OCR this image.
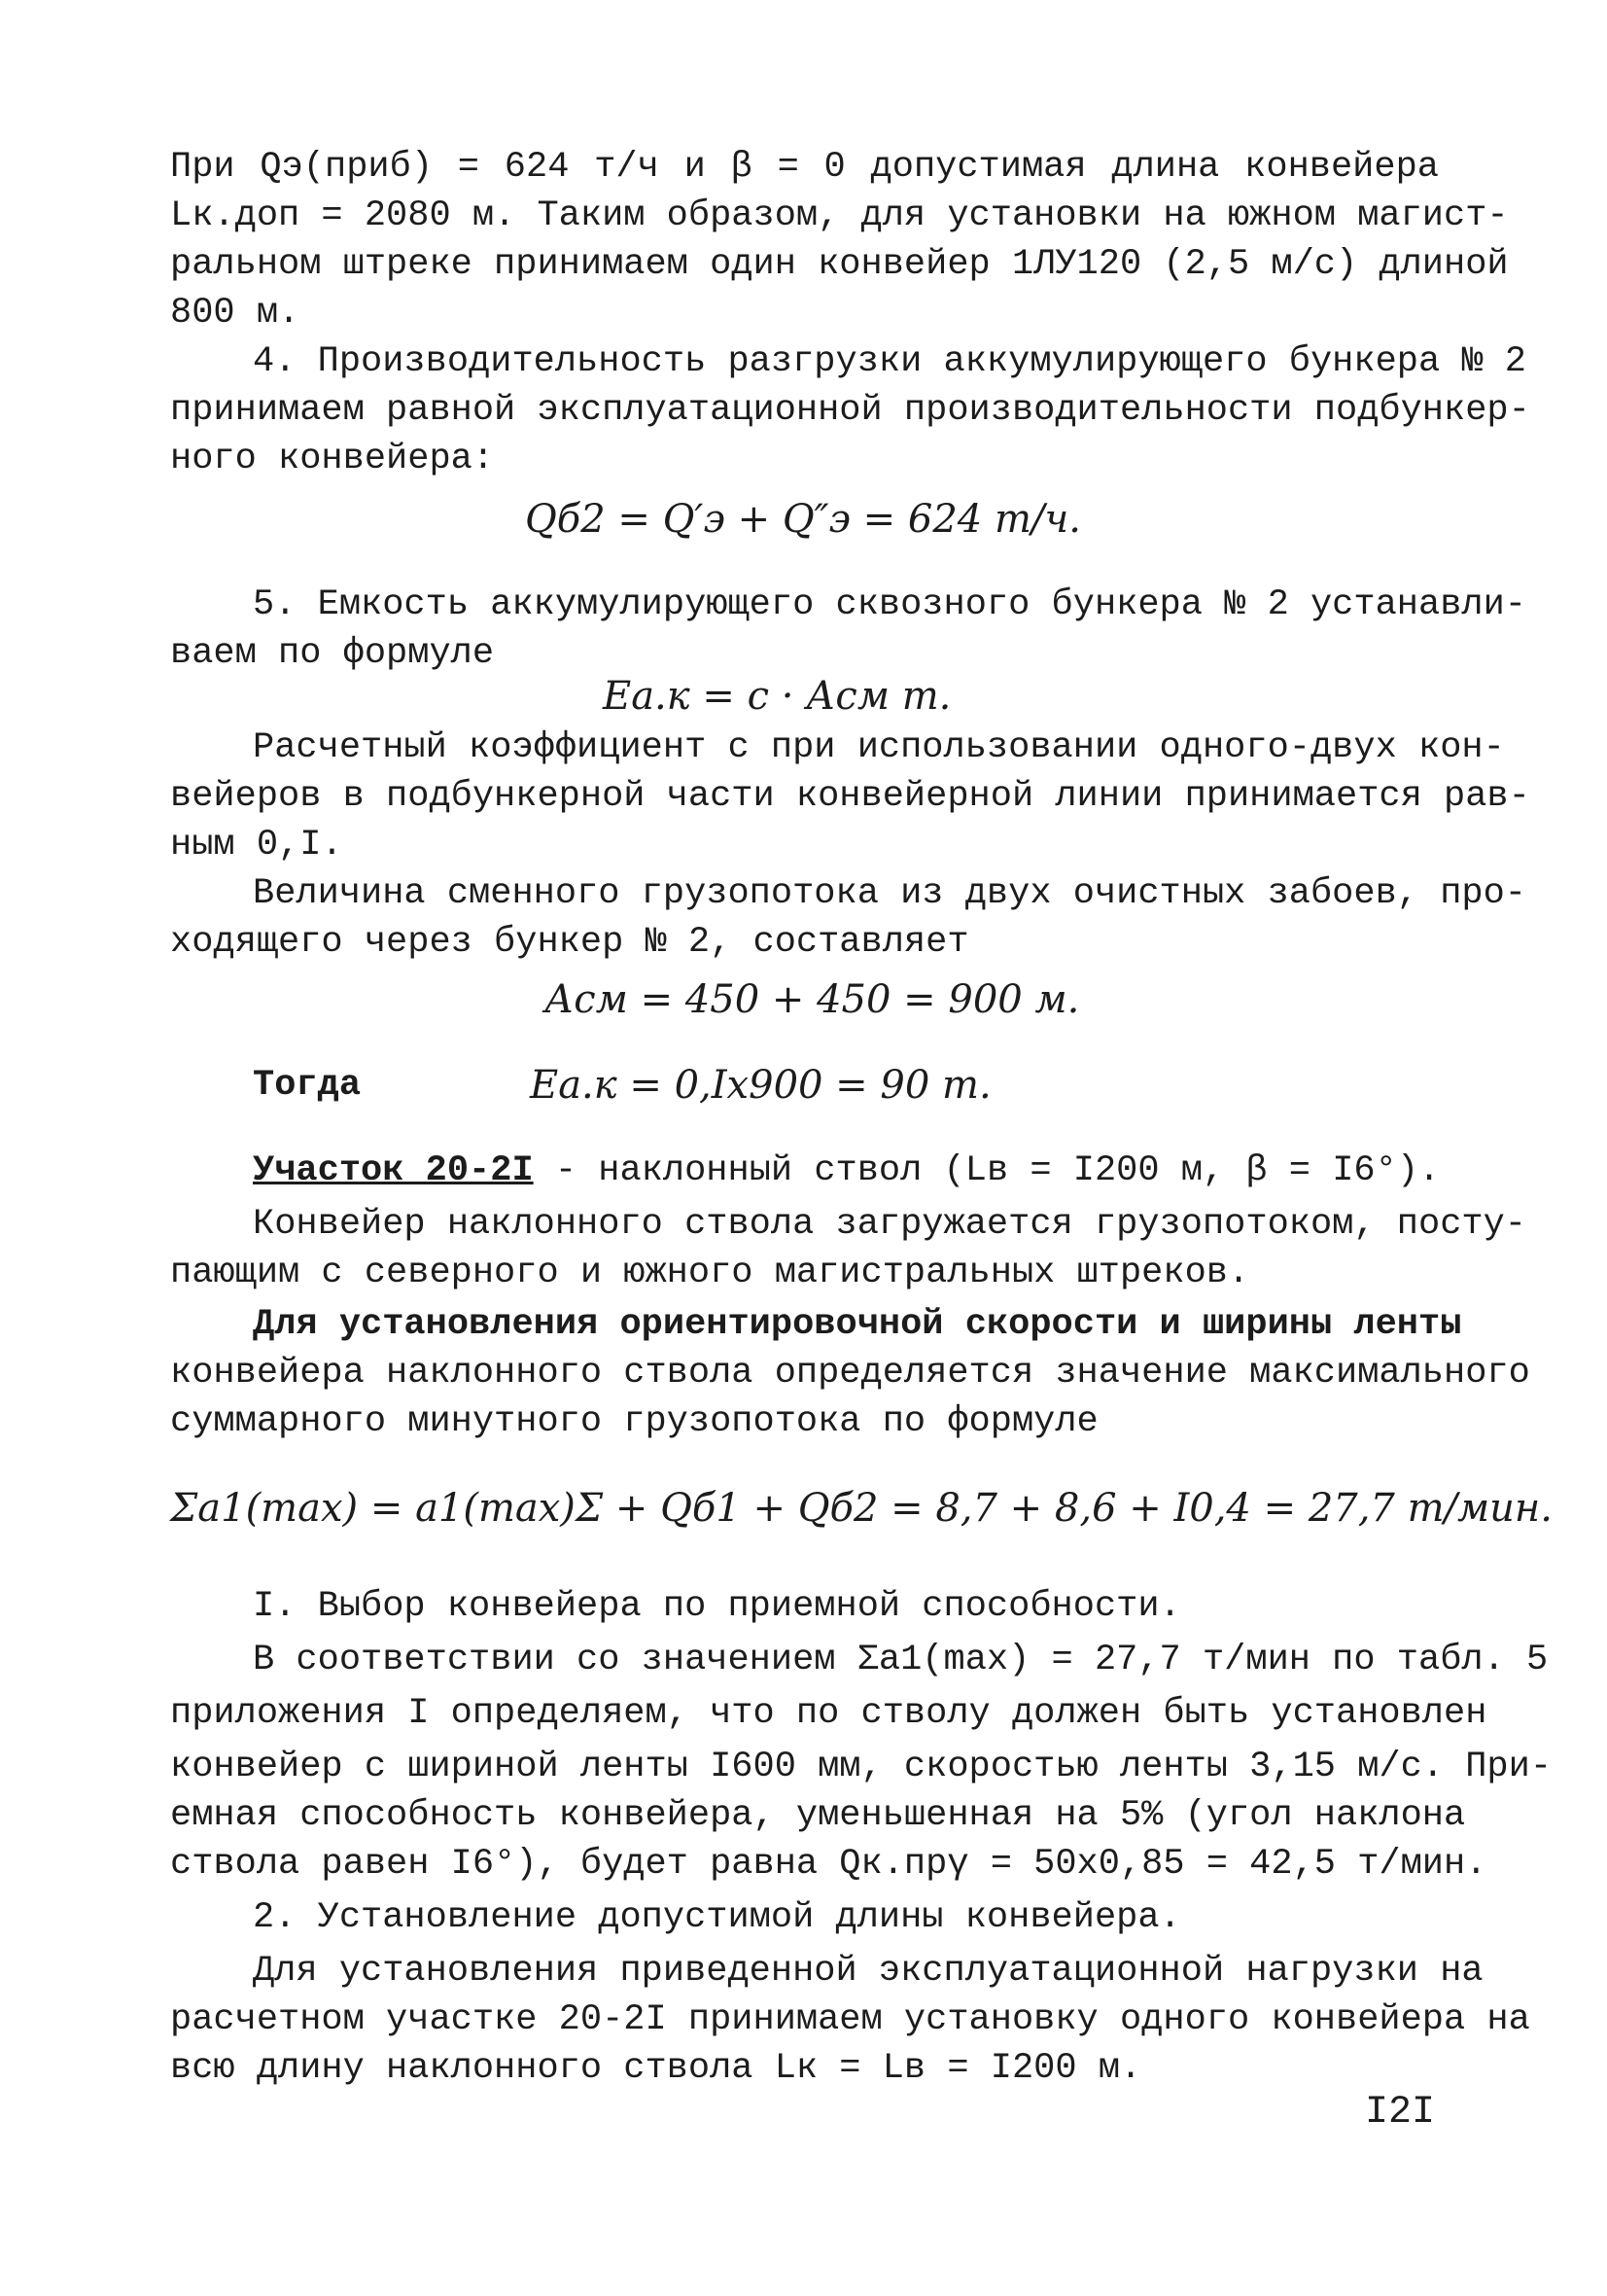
При Qэ(приб) = 624 т/ч и β = 0 допустимая длина конвейера
Lк.доп = 2080 м. Таким образом, для установки на южном магист-
ральном штреке принимаем один конвейер 1ЛУ120 (2,5 м/с) длиной
800 м.
4. Производительность разгрузки аккумулирующего бункера № 2
принимаем равной эксплуатационной производительности подбункер-
ного конвейера:
Qб2 = Q′э + Q″э = 624 т/ч.
5. Емкость аккумулирующего сквозного бункера № 2 устанавли-
ваем по формуле
Еа.к = c · Асм т.
Расчетный коэффициент c при использовании одного-двух кон-
вейеров в подбункерной части конвейерной линии принимается рав-
ным 0,I.
Величина сменного грузопотока из двух очистных забоев, про-
ходящего через бункер № 2, составляет
Асм = 450 + 450 = 900 м.
Тогда	Еа.к = 0,Iх900 = 90 т.
Участок 20-2I - наклонный ствол (Lв = I200 м, β = I6°).
Конвейер наклонного ствола загружается грузопотоком, посту-
пающим с северного и южного магистральных штреков.
Для установления ориентировочной скорости и ширины ленты
конвейера наклонного ствола определяется значение максимального
суммарного минутного грузопотока по формуле
Σa1(max) = a1(max)Σ + Qб1 + Qб2 = 8,7 + 8,6 + I0,4 = 27,7 т/мин.
I. Выбор конвейера по приемной способности.
В соответствии со значением Σa1(max) = 27,7 т/мин по табл. 5
приложения I определяем, что по стволу должен быть установлен
конвейер с шириной ленты I600 мм, скоростью ленты 3,15 м/с. При-
емная способность конвейера, уменьшенная на 5% (угол наклона
ствола равен I6°), будет равна Qк.прγ = 50х0,85 = 42,5 т/мин.
2. Установление допустимой длины конвейера.
Для установления приведенной эксплуатационной нагрузки на
расчетном участке 20-2I принимаем установку одного конвейера на
всю длину наклонного ствола Lк = Lв = I200 м.
I2I
